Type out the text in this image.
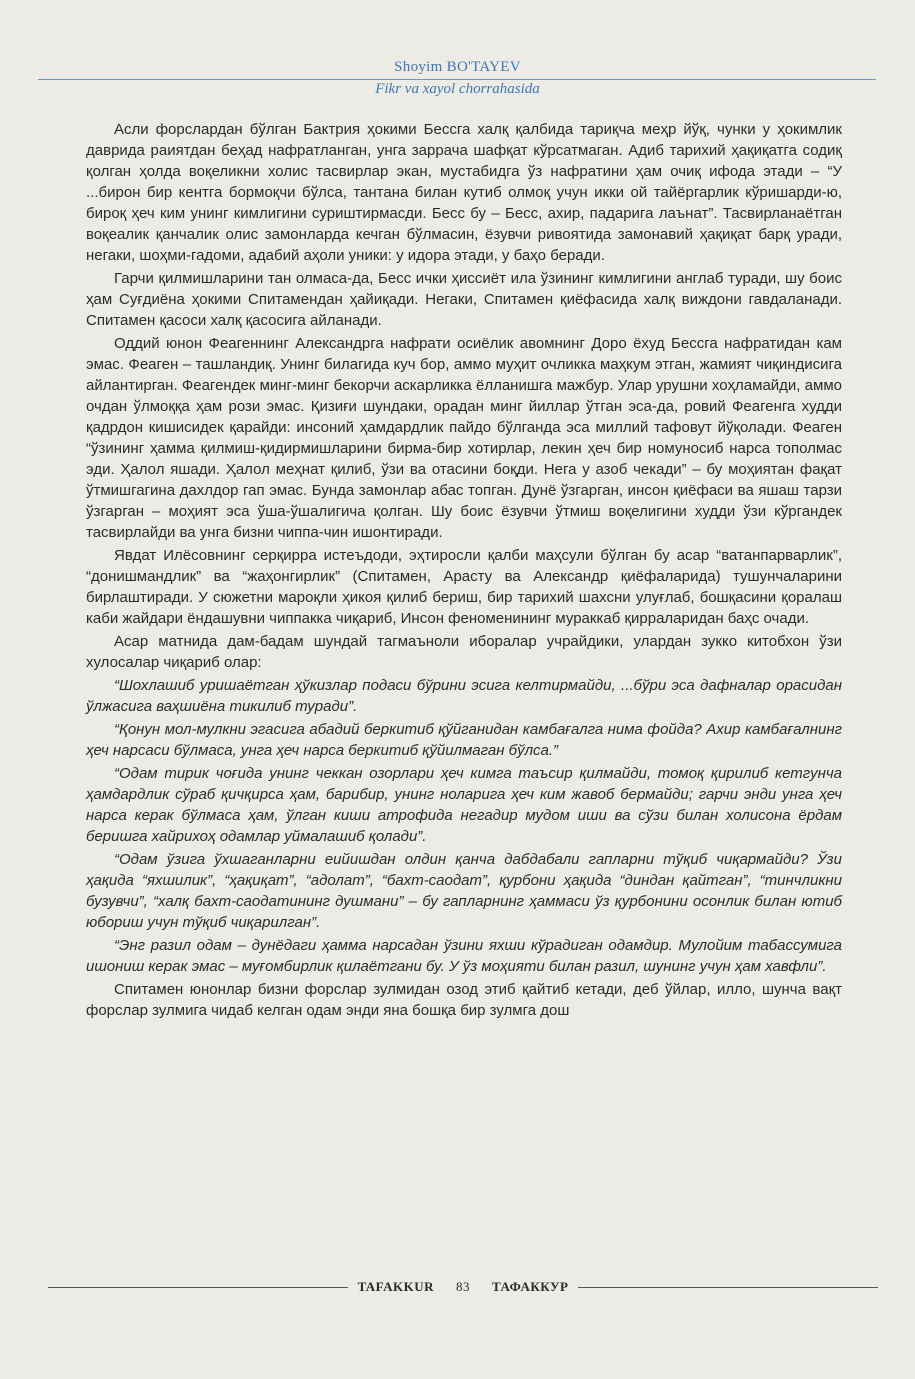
Shoyim BO'TAYEV
Fikr va xayol chorrahasida

Асли форслардан бўлган Бактрия ҳокими Бессга халқ қалбида тариқча меҳр йўқ, чунки у ҳокимлик даврида раиятдан беҳад нафратланган, унга заррача шафқат кўрсатмаган. Адиб тарихий ҳақиқатга содиқ қолган ҳолда воқеликни холис тасвирлар экан, мустабидга ўз нафратини ҳам очиқ ифода этади – “У ...бирон бир кентга бормоқчи бўлса, тантана билан кутиб олмоқ учун икки ой тайёргарлик кўришарди-ю, бироқ ҳеч ким унинг кимлигини суриштирмасди. Бесс бу – Бесс, ахир, падарига лаънат”. Тасвирланаётган воқеалик қанчалик олис замонларда кечган бўлмасин, ёзувчи ривоятида замонавий ҳақиқат барқ уради, негаки, шоҳми-гадоми, адабий аҳоли уники: у идора этади, у баҳо беради.

Гарчи қилмишларини тан олмаса-да, Бесс ички ҳиссиёт ила ўзининг кимлигини англаб туради, шу боис ҳам Суғдиёна ҳокими Спитамендан ҳайиқади. Негаки, Спитамен қиёфасида халқ виждони гавдаланади. Спитамен қасоси халқ қасосига айланади.

Оддий юнон Феагеннинг Александрга нафрати осиёлик авомнинг Доро ёхуд Бессга нафратидан кам эмас. Феаген – ташландиқ. Унинг билагида куч бор, аммо муҳит очликка маҳкум этган, жамият чиқиндисига айлантирган. Феагендек минг-минг бекорчи аскарликка ёлланишга мажбур. Улар урушни хоҳламайди, аммо очдан ўлмоққа ҳам рози эмас. Қизиғи шундаки, орадан минг йиллар ўтган эса-да, ровий Феагенга худди қадрдон кишисидек қарайди: инсоний ҳамдардлик пайдо бўлганда эса миллий тафовут йўқолади. Феаген “ўзининг ҳамма қилмиш-қидирмишларини бирма-бир хотирлар, лекин ҳеч бир номуносиб нарса тополмас эди. Ҳалол яшади. Ҳалол меҳнат қилиб, ўзи ва отасини боқди. Нега у азоб чекади” – бу моҳиятан фақат ўтмишгагина дахлдор гап эмас. Бунда замонлар абас топган. Дунё ўзгарган, инсон қиёфаси ва яшаш тарзи ўзгарган – моҳият эса ўша-ўшалигича қолган. Шу боис ёзувчи ўтмиш воқелигини худди ўзи кўргандек тасвирлайди ва унга бизни чиппа-чин ишонтиради.

Явдат Илёсовнинг серқирра истеъдоди, эҳтиросли қалби маҳсули бўлган бу асар “ватанпарварлик”, “донишмандлик” ва “жаҳонгирлик” (Спитамен, Арасту ва Александр қиёфаларида) тушунчаларини бирлаштиради. У сюжетни мароқли ҳикоя қилиб бериш, бир тарихий шахсни улуғлаб, бошқасини қоралаш каби жайдари ёндашувни чиппакка чиқариб, Инсон феноменининг мураккаб қирраларидан баҳс очади.

Асар матнида дам-бадам шундай тагмаъноли иборалар учрайдики, улардан зукко китобхон ўзи хулосалар чиқариб олар:

“Шохлашиб уришаётган ҳўкизлар подаси бўрини эсига келтирмайди, ...бўри эса дафналар орасидан ўлжасига ваҳшиёна тикилиб туради”.

“Қонун мол-мулкни эгасига абадий беркитиб қўйганидан камбағалга нима фойда? Ахир камбағалнинг ҳеч нарсаси бўлмаса, унга ҳеч нарса беркитиб қўйилмаган бўлса.”

“Одам тирик чоғида унинг чеккан озорлари ҳеч кимга таъсир қилмайди, томоқ қирилиб кетгунча ҳамдардлик сўраб қичқирса ҳам, барибир, унинг ноларига ҳеч ким жавоб бермайди; гарчи энди унга ҳеч нарса керак бўлмаса ҳам, ўлган киши атрофида негадир мудом иши ва сўзи билан холисона ёрдам беришга хайрихоҳ одамлар уймалашиб қолади”.

“Одам ўзига ўхшаганларни еийишдан олдин қанча дабдабали гапларни тўқиб чиқармайди? Ўзи ҳақида “яхшилик”, “ҳақиқат”, “адолат”, “бахт-саодат”, қурбони ҳақида “диндан қайтган”, “тинчликни бузувчи”, “халқ бахт-саодатининг душмани” – бу гапларнинг ҳаммаси ўз қурбонини осонлик билан ютиб юбориш учун тўқиб чиқарилган”.

“Энг разил одам – дунёдаги ҳамма нарсадан ўзини яхши кўрадиган одамдир. Мулойим табассумига ишониш керак эмас – муғомбирлик қилаётгани бу. У ўз моҳияти билан разил, шунинг учун ҳам хавфли”.

Спитамен юнонлар бизни форслар зулмидан озод этиб қайтиб кетади, деб ўйлар, илло, шунча вақт форслар зулмига чидаб келган одам энди яна бошқа бир зулмга дош

TAFAKKUR	83	ТАФАККУР
